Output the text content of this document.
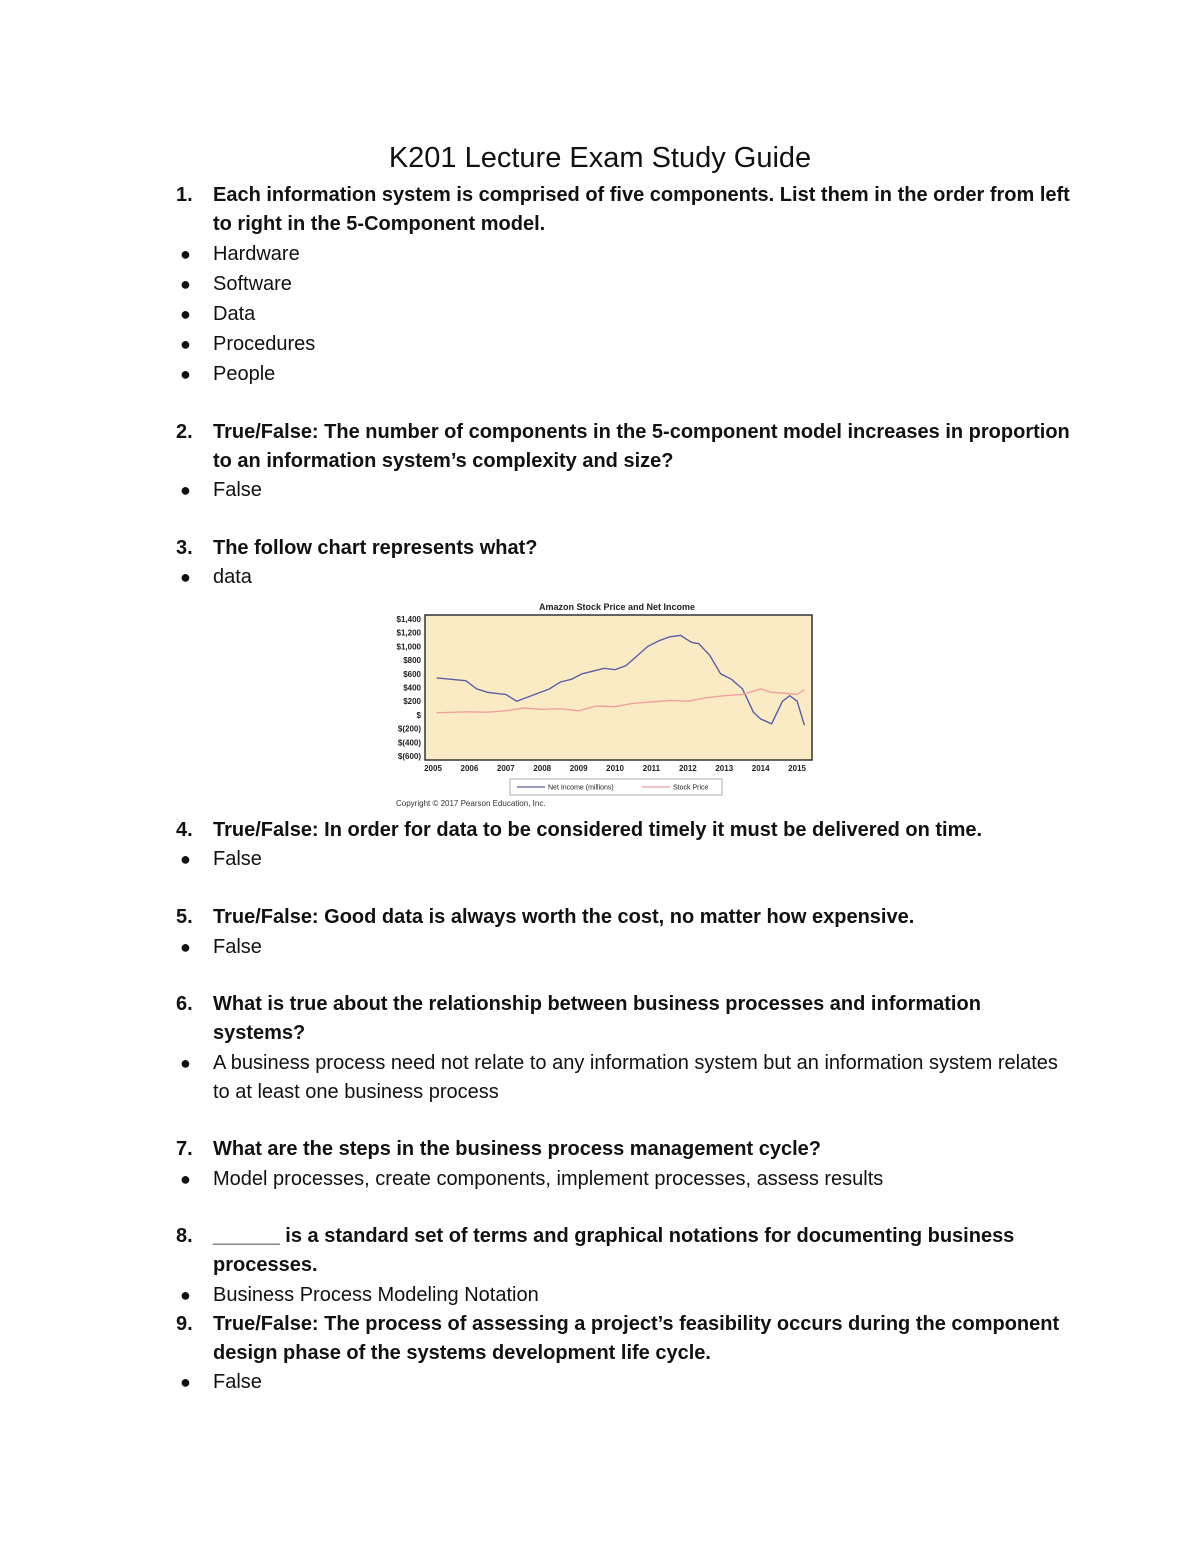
K201 Lecture Exam Study Guide
1. Each information system is comprised of five components. List them in the order from left to right in the 5-Component model.
● Hardware
● Software
● Data
● Procedures
● People
2. True/False: The number of components in the 5-component model increases in proportion to an information system’s complexity and size?
● False
3. The follow chart represents what?
● data
Amazon Stock Price and Net Income
$1,400
$1,200
$1,000
$800
$600
$400
$200
$
$(200)
$(400)
$(600)
2005 2006 2007 2008 2009 2010 2011 2012 2013 2014 2015
Net Income (millions)	Stock Price
Copyright © 2017 Pearson Education, Inc.
4. True/False: In order for data to be considered timely it must be delivered on time.
● False
5. True/False: Good data is always worth the cost, no matter how expensive.
● False
6. What is true about the relationship between business processes and information systems?
● A business process need not relate to any information system but an information system relates to at least one business process
7. What are the steps in the business process management cycle?
● Model processes, create components, implement processes, assess results
8. ______ is a standard set of terms and graphical notations for documenting business processes.
● Business Process Modeling Notation
9. True/False: The process of assessing a project’s feasibility occurs during the component design phase of the systems development life cycle.
● False
